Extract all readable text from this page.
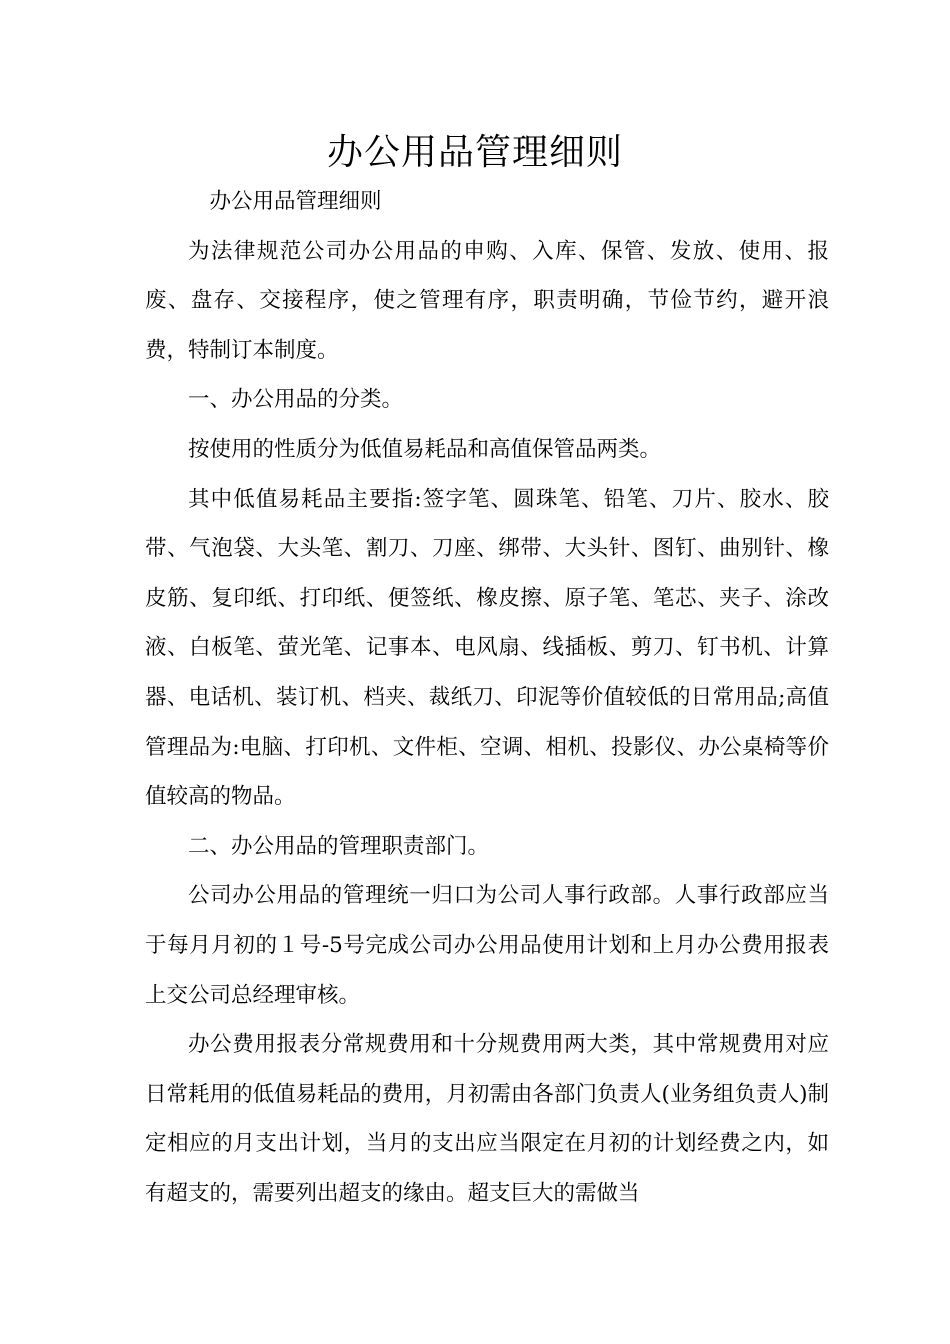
办公用品管理细则

办公用品管理细则

为法律规范公司办公用品的申购、入库、保管、发放、使用、报废、盘存、交接程序，使之管理有序，职责明确，节俭节约，避开浪费，特制订本制度。

一、办公用品的分类。

按使用的性质分为低值易耗品和高值保管品两类。

其中低值易耗品主要指:签字笔、圆珠笔、铅笔、刀片、胶水、胶带、气泡袋、大头笔、割刀、刀座、绑带、大头针、图钉、曲别针、橡皮筋、复印纸、打印纸、便签纸、橡皮擦、原子笔、笔芯、夹子、涂改液、白板笔、萤光笔、记事本、电风扇、线插板、剪刀、钉书机、计算器、电话机、装订机、档夹、裁纸刀、印泥等价值较低的日常用品;高值管理品为:电脑、打印机、文件柜、空调、相机、投影仪、办公桌椅等价值较高的物品。

二、办公用品的管理职责部门。

公司办公用品的管理统一归口为公司人事行政部。人事行政部应当于每月月初的１号-5号完成公司办公用品使用计划和上月办公费用报表上交公司总经理审核。

办公费用报表分常规费用和十分规费用两大类，其中常规费用对应日常耗用的低值易耗品的费用，月初需由各部门负责人(业务组负责人)制定相应的月支出计划，当月的支出应当限定在月初的计划经费之内，如有超支的，需要列出超支的缘由。超支巨大的需做当
